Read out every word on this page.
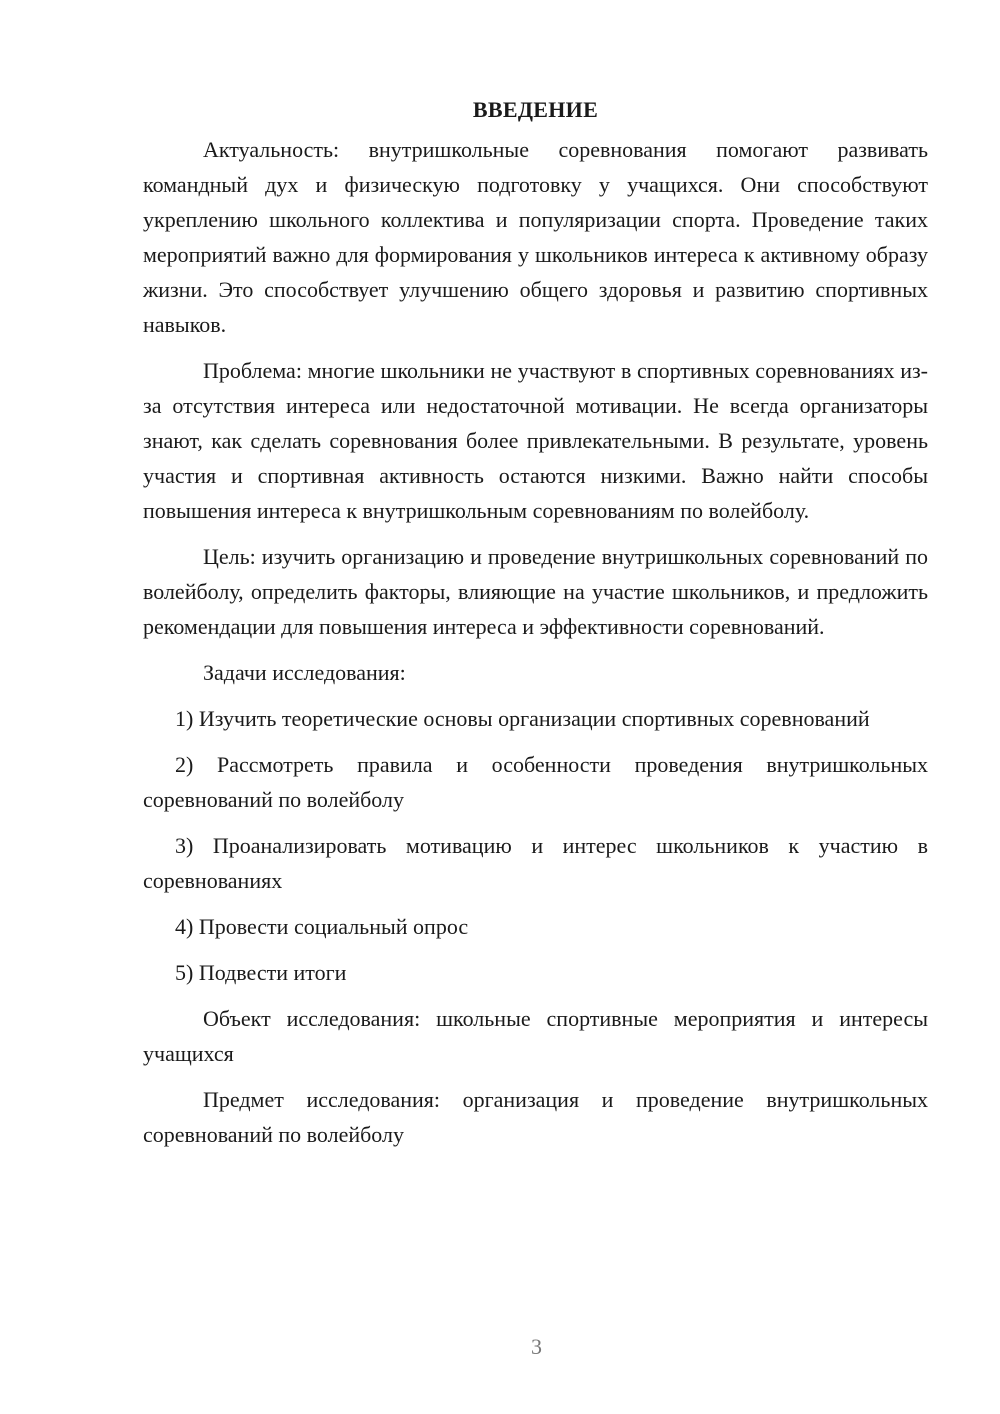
ВВЕДЕНИЕ

Актуальность: внутришкольные соревнования помогают развивать командный дух и физическую подготовку у учащихся. Они способствуют укреплению школьного коллектива и популяризации спорта. Проведение таких мероприятий важно для формирования у школьников интереса к активному образу жизни. Это способствует улучшению общего здоровья и развитию спортивных навыков.

Проблема: многие школьники не участвуют в спортивных соревнованиях из-за отсутствия интереса или недостаточной мотивации. Не всегда организаторы знают, как сделать соревнования более привлекательными. В результате, уровень участия и спортивная активность остаются низкими. Важно найти способы повышения интереса к внутришкольным соревнованиям по волейболу.

Цель: изучить организацию и проведение внутришкольных соревнований по волейболу, определить факторы, влияющие на участие школьников, и предложить рекомендации для повышения интереса и эффективности соревнований.

Задачи исследования:

1) Изучить теоретические основы организации спортивных соревнований

2) Рассмотреть правила и особенности проведения внутришкольных соревнований по волейболу

3) Проанализировать мотивацию и интерес школьников к участию в соревнованиях

4) Провести социальный опрос

5) Подвести итоги

Объект исследования: школьные спортивные мероприятия и интересы учащихся

Предмет исследования: организация и проведение внутришкольных соревнований по волейболу

3
